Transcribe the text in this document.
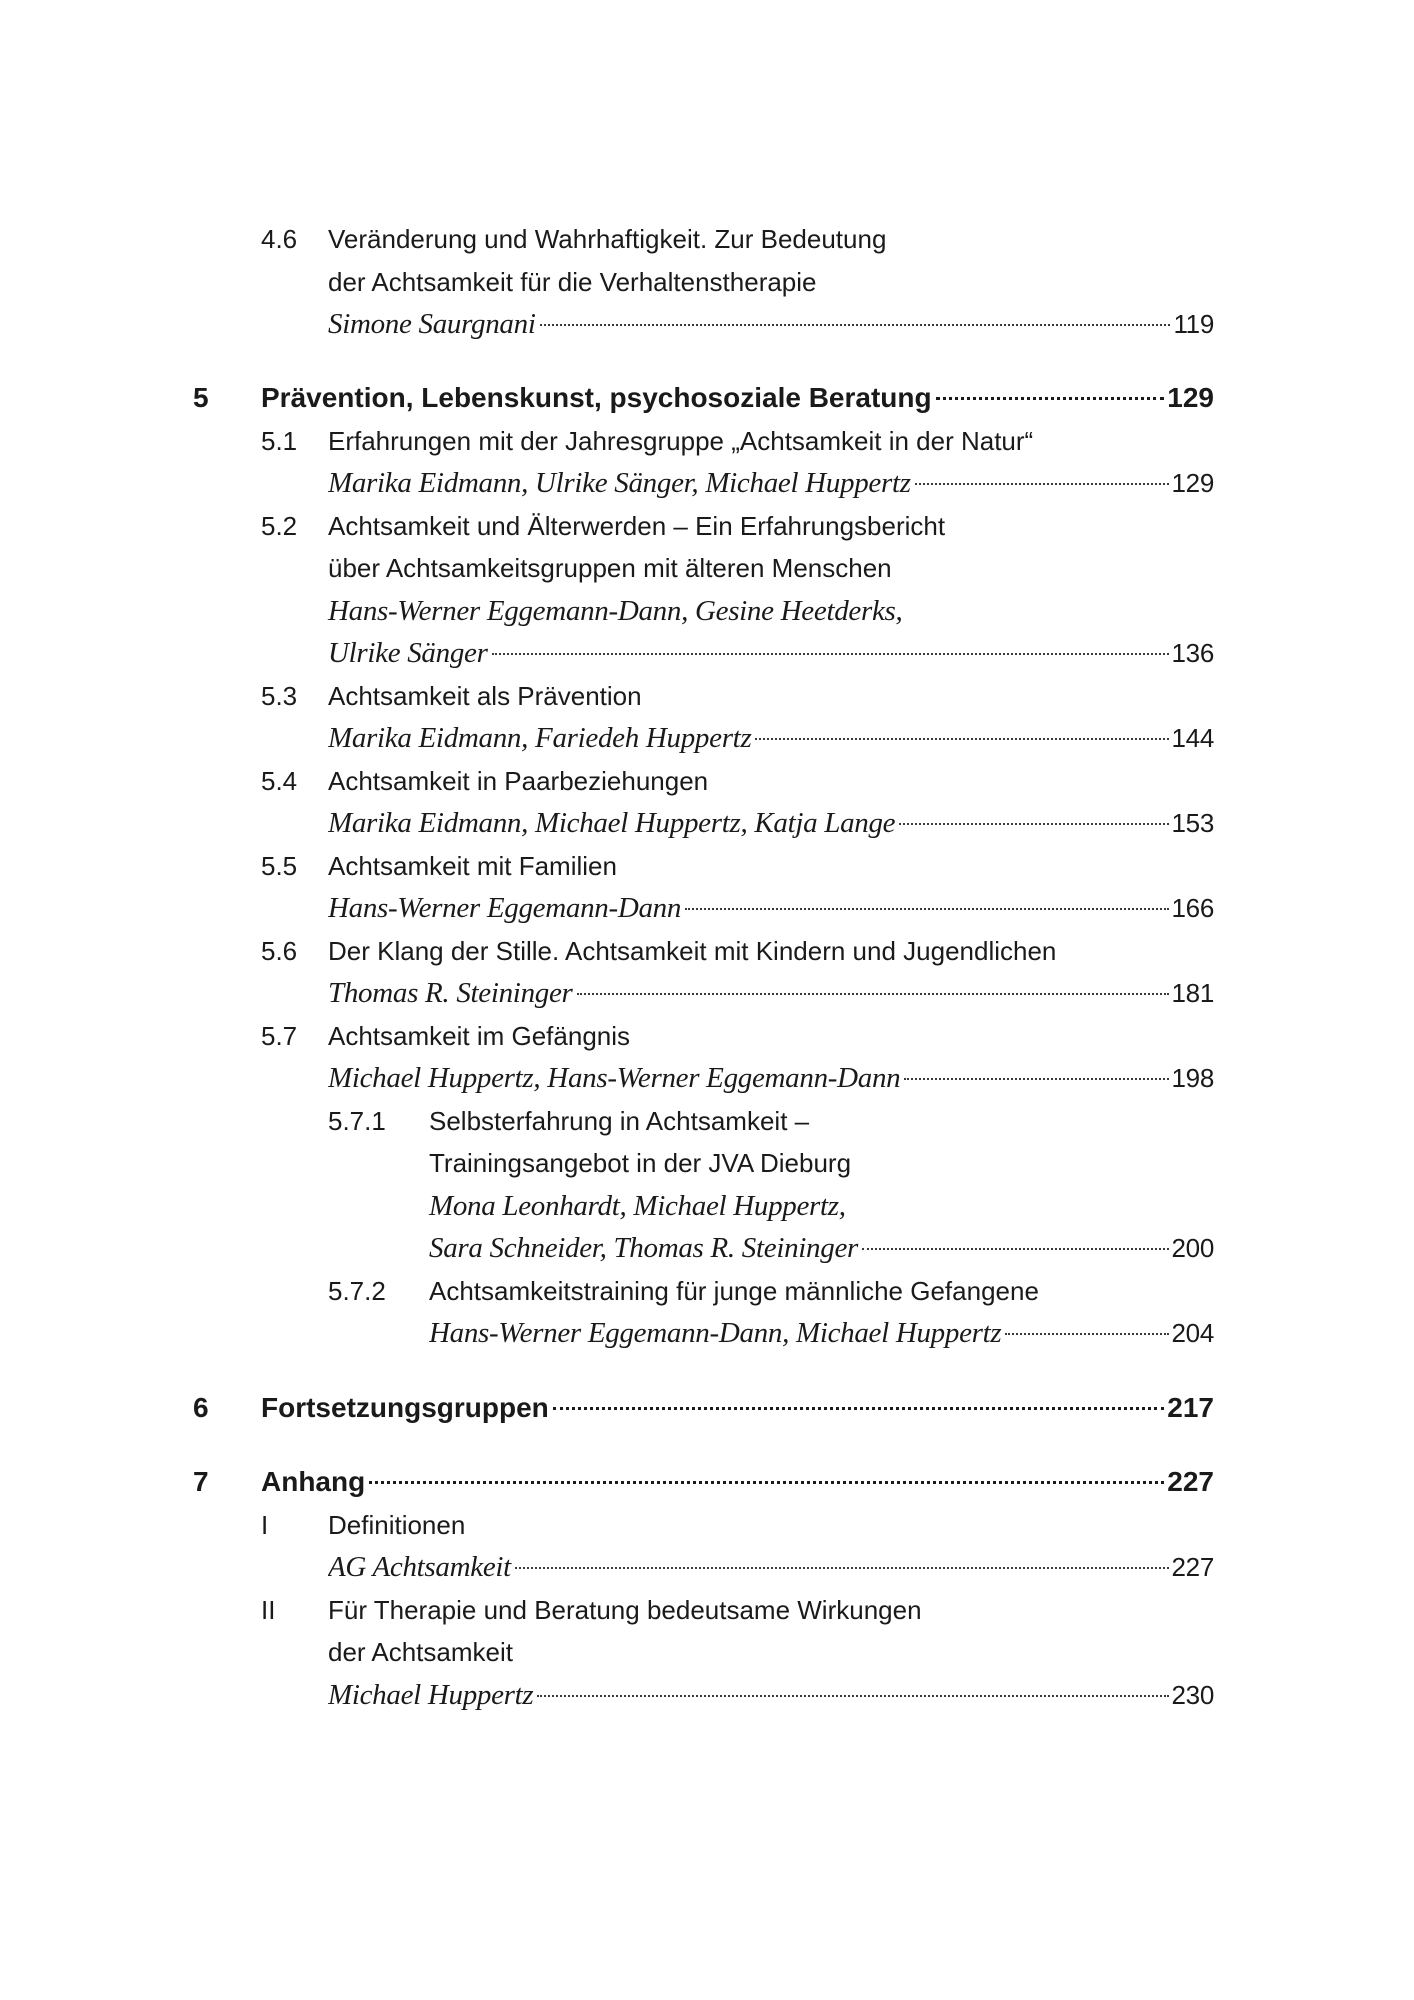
4.6 Veränderung und Wahrhaftigkeit. Zur Bedeutung
der Achtsamkeit für die Verhaltenstherapie
Simone Saurgnani	119
5 Prävention, Lebenskunst, psychosoziale Beratung	129
5.1 Erfahrungen mit der Jahresgruppe „Achtsamkeit in der Natur“
Marika Eidmann, Ulrike Sänger, Michael Huppertz	129
5.2 Achtsamkeit und Älterwerden – Ein Erfahrungsbericht
über Achtsamkeitsgruppen mit älteren Menschen
Hans-Werner Eggemann-Dann, Gesine Heetderks,
Ulrike Sänger	136
5.3 Achtsamkeit als Prävention
Marika Eidmann, Fariedeh Huppertz	144
5.4 Achtsamkeit in Paarbeziehungen
Marika Eidmann, Michael Huppertz, Katja Lange	153
5.5 Achtsamkeit mit Familien
Hans-Werner Eggemann-Dann	166
5.6 Der Klang der Stille. Achtsamkeit mit Kindern und Jugendlichen
Thomas R. Steininger	181
5.7 Achtsamkeit im Gefängnis
Michael Huppertz, Hans-Werner Eggemann-Dann	198
5.7.1 Selbsterfahrung in Achtsamkeit –
Trainingsangebot in der JVA Dieburg
Mona Leonhardt, Michael Huppertz,
Sara Schneider, Thomas R. Steininger	200
5.7.2 Achtsamkeitstraining für junge männliche Gefangene
Hans-Werner Eggemann-Dann, Michael Huppertz	204
6 Fortsetzungsgruppen	217
7 Anhang	227
I Definitionen
AG Achtsamkeit	227
II Für Therapie und Beratung bedeutsame Wirkungen
der Achtsamkeit
Michael Huppertz	230
